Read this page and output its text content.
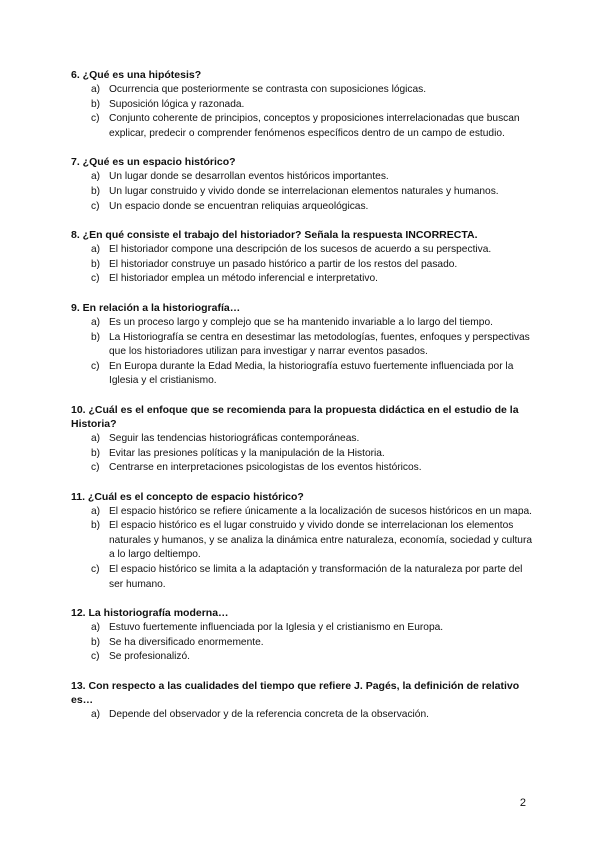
6. ¿Qué es una hipótesis?
a) Ocurrencia que posteriormente se contrasta con suposiciones lógicas.
b) Suposición lógica y razonada.
c) Conjunto coherente de principios, conceptos y proposiciones interrelacionadas que buscan explicar, predecir o comprender fenómenos específicos dentro de un campo de estudio.
7. ¿Qué es un espacio histórico?
a) Un lugar donde se desarrollan eventos históricos importantes.
b) Un lugar construido y vivido donde se interrelacionan elementos naturales y humanos.
c) Un espacio donde se encuentran reliquias arqueológicas.
8. ¿En qué consiste el trabajo del historiador? Señala la respuesta INCORRECTA.
a) El historiador compone una descripción de los sucesos de acuerdo a su perspectiva.
b) El historiador construye un pasado histórico a partir de los restos del pasado.
c) El historiador emplea un método inferencial e interpretativo.
9. En relación a la historiografía…
a) Es un proceso largo y complejo que se ha mantenido invariable a lo largo del tiempo.
b) La Historiografía se centra en desestimar las metodologías, fuentes, enfoques y perspectivas que los historiadores utilizan para investigar y narrar eventos pasados.
c) En Europa durante la Edad Media, la historiografía estuvo fuertemente influenciada por la Iglesia y el cristianismo.
10. ¿Cuál es el enfoque que se recomienda para la propuesta didáctica en el estudio de la Historia?
a) Seguir las tendencias historiográficas contemporáneas.
b) Evitar las presiones políticas y la manipulación de la Historia.
c) Centrarse en interpretaciones psicologistas de los eventos históricos.
11. ¿Cuál es el concepto de espacio histórico?
a) El espacio histórico se refiere únicamente a la localización de sucesos históricos en un mapa.
b) El espacio histórico es el lugar construido y vivido donde se interrelacionan los elementos naturales y humanos, y se analiza la dinámica entre naturaleza, economía, sociedad y cultura a lo largo deltiempo.
c) El espacio histórico se limita a la adaptación y transformación de la naturaleza por parte del ser humano.
12. La historiografía moderna…
a) Estuvo fuertemente influenciada por la Iglesia y el cristianismo en Europa.
b) Se ha diversificado enormemente.
c) Se profesionalizó.
13. Con respecto a las cualidades del tiempo que refiere J. Pagés, la definición de relativo es…
a) Depende del observador y de la referencia concreta de la observación.
2
